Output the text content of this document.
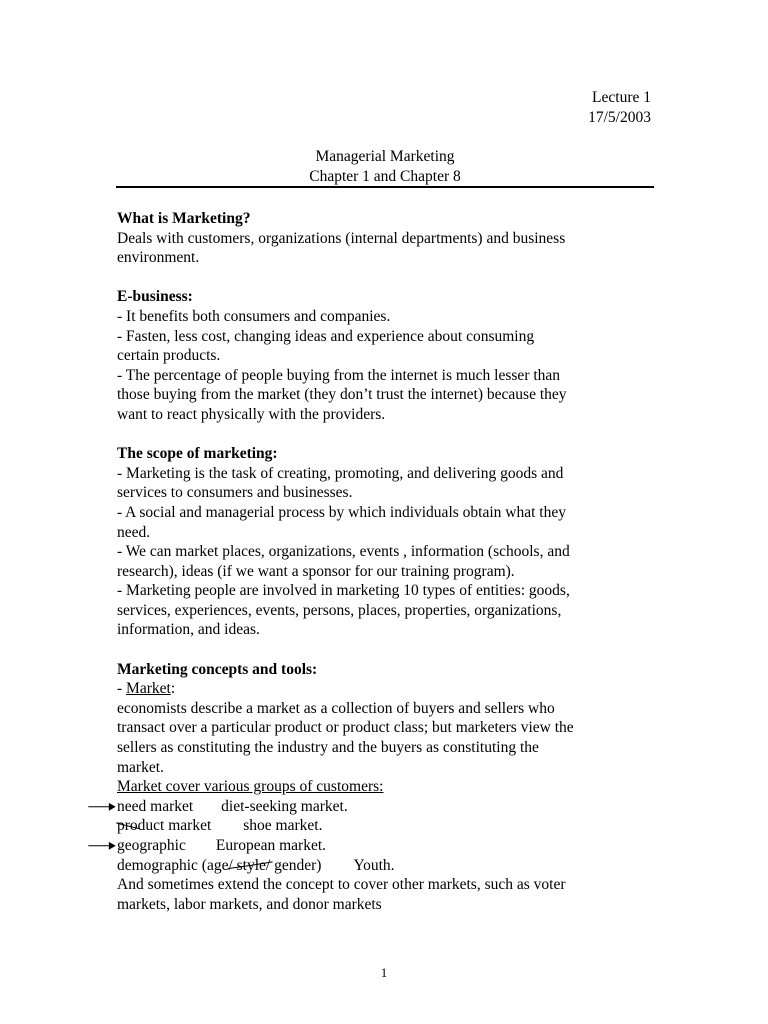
Lecture 1
17/5/2003
Managerial Marketing
Chapter 1 and Chapter 8
What is Marketing?
Deals with customers, organizations (internal departments) and business
environment.
E-business:
- It benefits both consumers and companies.
- Fasten, less cost, changing ideas and experience about consuming
certain products.
- The percentage of people buying from the internet is much lesser than
those buying from the market (they don’t trust the internet) because they
want to react physically with the providers.
The scope of marketing:
- Marketing is the task of creating, promoting, and delivering goods and
services to consumers and businesses.
- A social and managerial process by which individuals obtain what they
need.
- We can market places, organizations, events , information (schools, and
research), ideas (if we want a sponsor for our training program).
- Marketing people are involved in marketing 10 types of entities: goods,
services, experiences, events, persons, places, properties, organizations,
information, and ideas.
Marketing concepts and tools:
- Market:
economists describe a market as a collection of buyers and sellers who
transact over a particular product or product class; but marketers view the
sellers as constituting the industry and the buyers as constituting the
market.
Market cover various groups of customers:
need market diet-seeking market.
product market shoe market.
geographic European market.
demographic (age/ style/ gender) Youth.
And sometimes extend the concept to cover other markets, such as voter
markets, labor markets, and donor markets
1
